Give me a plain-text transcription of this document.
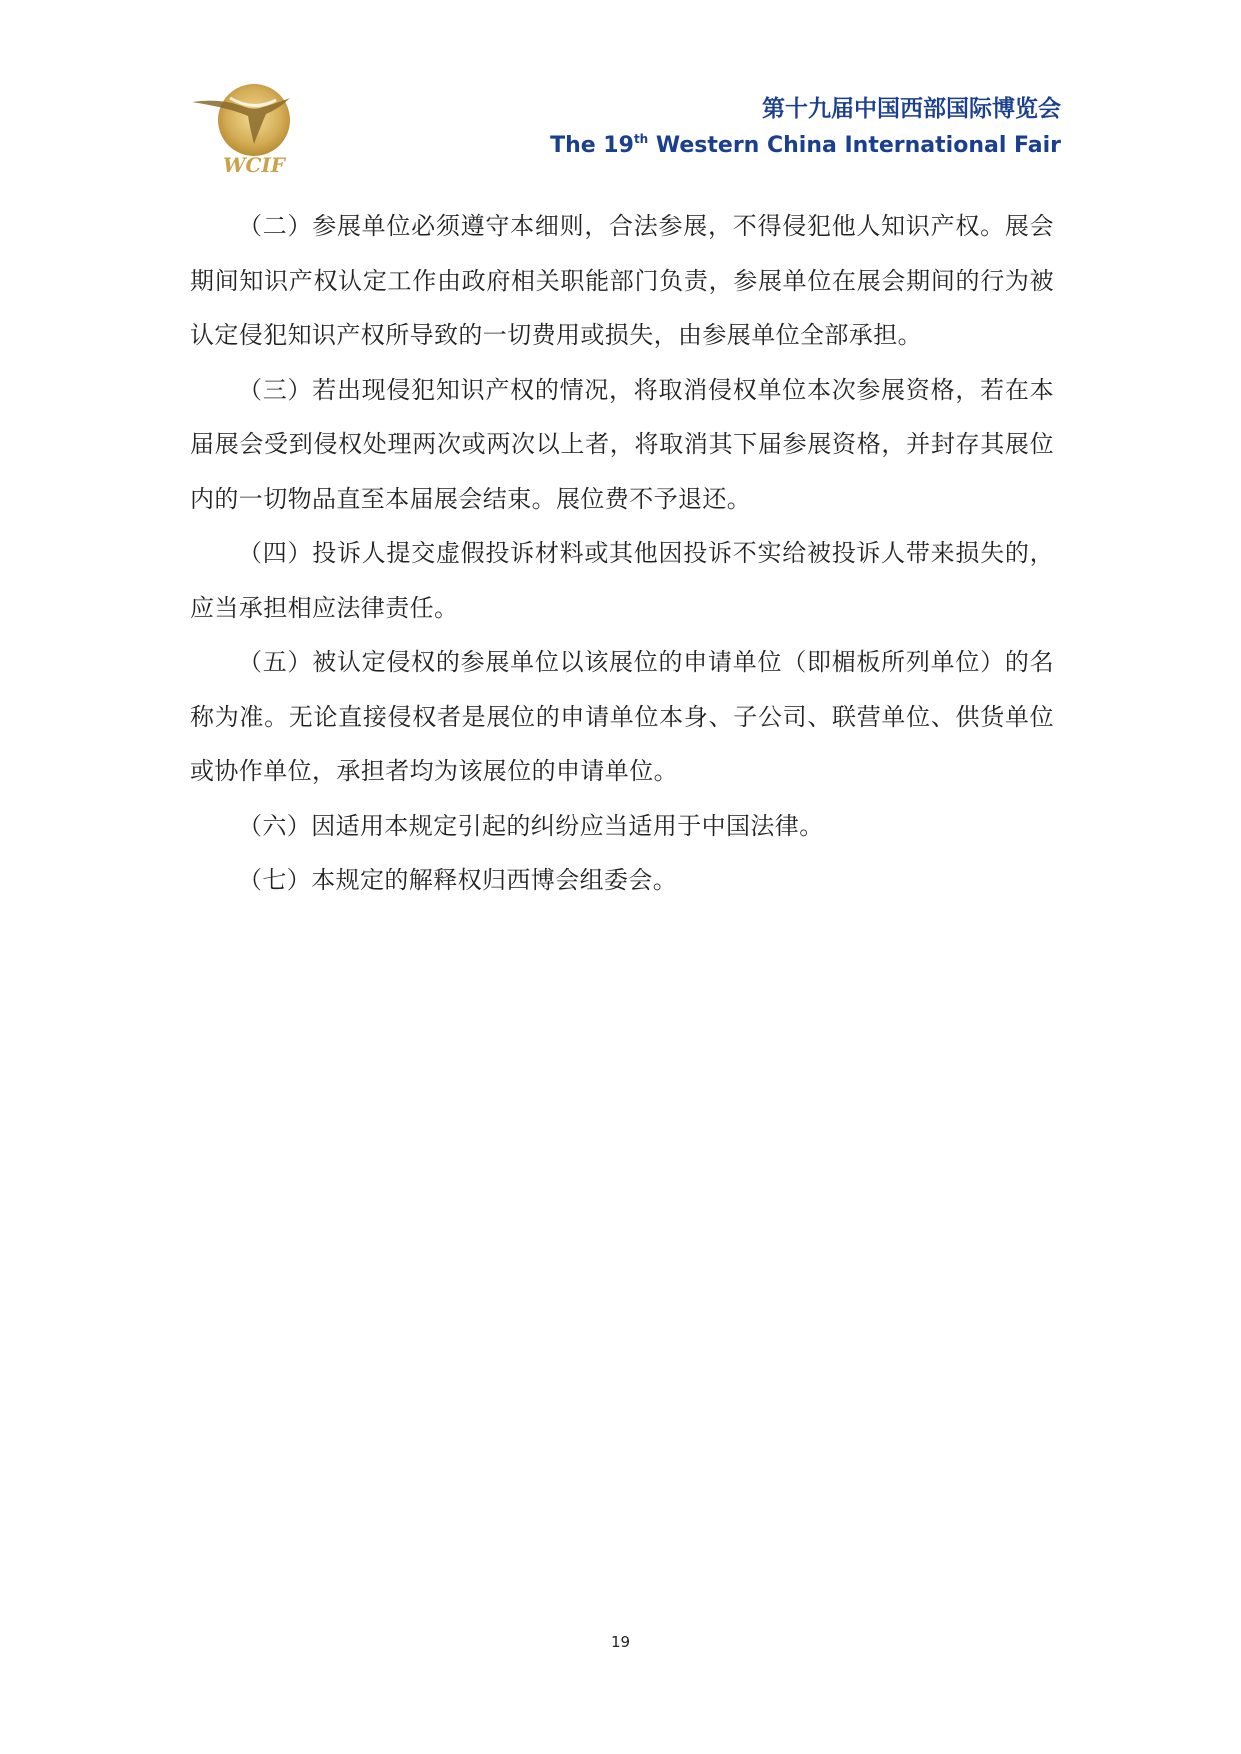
WCIF
第十九届中国西部国际博览会
The 19th Western China International Fair

（二）参展单位必须遵守本细则，合法参展，不得侵犯他人知识产权。展会期间知识产权认定工作由政府相关职能部门负责，参展单位在展会期间的行为被认定侵犯知识产权所导致的一切费用或损失，由参展单位全部承担。

（三）若出现侵犯知识产权的情况，将取消侵权单位本次参展资格，若在本届展会受到侵权处理两次或两次以上者，将取消其下届参展资格，并封存其展位内的一切物品直至本届展会结束。展位费不予退还。

（四）投诉人提交虚假投诉材料或其他因投诉不实给被投诉人带来损失的，应当承担相应法律责任。

（五）被认定侵权的参展单位以该展位的申请单位（即楣板所列单位）的名称为准。无论直接侵权者是展位的申请单位本身、子公司、联营单位、供货单位或协作单位，承担者均为该展位的申请单位。

（六）因适用本规定引起的纠纷应当适用于中国法律。

（七）本规定的解释权归西博会组委会。

19
